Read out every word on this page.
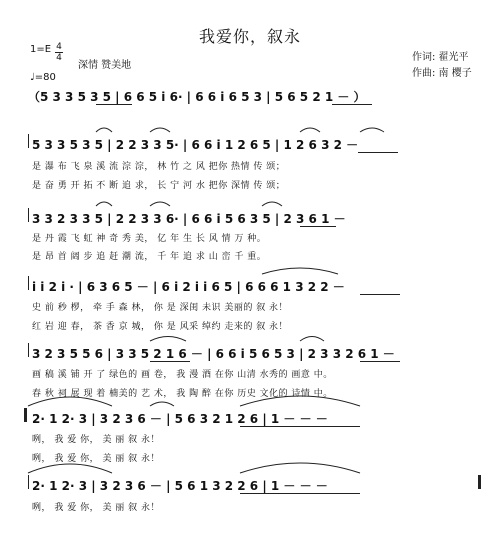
我爱你，叙永
1=E 4
4
♩=80
深情 赞美地
作词: 翟光平
作曲: 南 樱子
（5 3 3 5 3 5 | 6 6 5 i 6· | 6 6 i 6 5 3 | 5 6 5 2 1 － ）
5 3 3 5 3 5 | 2 2 3 3 5· | 6 6 i 1 2 6 5 | 1 2 6 3 2 －
是 瀑 布 飞 泉 溪 流 淙 淙， 林 竹 之 风 把你 热情 传 颂；
是 奋 勇 开 拓 不 断 追 求， 长 宁 河 水 把你 深情 传 颂；
3 3 2 3 3 5 | 2 2 3 3 6· | 6 6 i 5 6 3 5 | 2 3 6 1 －
是 丹 霞 飞 虹 神 奇 秀 美， 亿 年 生 长 风 情 万 种。
是 昂 首 阔 步 追 赶 潮 流， 千 年 追 求 山 峦 千 重。
i i 2 i · | 6 3 6 5 － | 6 i 2 i i 6 5 | 6 6 6 1 3 2 2 －
史 前 秒 椤， 牵 手 森 林， 你 是 深闺 未识 美丽的 叙 永！
红 岩 迎 春， 茶 香 京 城， 你 是 风采 绰约 走来的 叙 永！
3 2 3 5 5 6 | 3 3 5 2 1 6 － | 6 6 i 5 6 5 3 | 2 3 3 2 6 1 －
画 稿 溪 铺 开 了 绿色的 画 卷， 我 漫 酒 在你 山清 水秀的 画意 中。
春 秋 祠 展 现 着 楠美的 艺 术， 我 陶 醉 在你 历史 文化的 诗情 中。
2· 1 2· 3 | 3 2 3 6 － | 5 6 3 2 1 2 6 | 1 － － －
咧， 我 爱 你， 美 丽 叙 永！
咧， 我 爱 你， 美 丽 叙 永！
2· 1 2· 3 | 3 2 3 6 － | 5 6 1 3 2 2 6 | 1 － － －
咧， 我 爱 你， 美 丽 叙 永！
